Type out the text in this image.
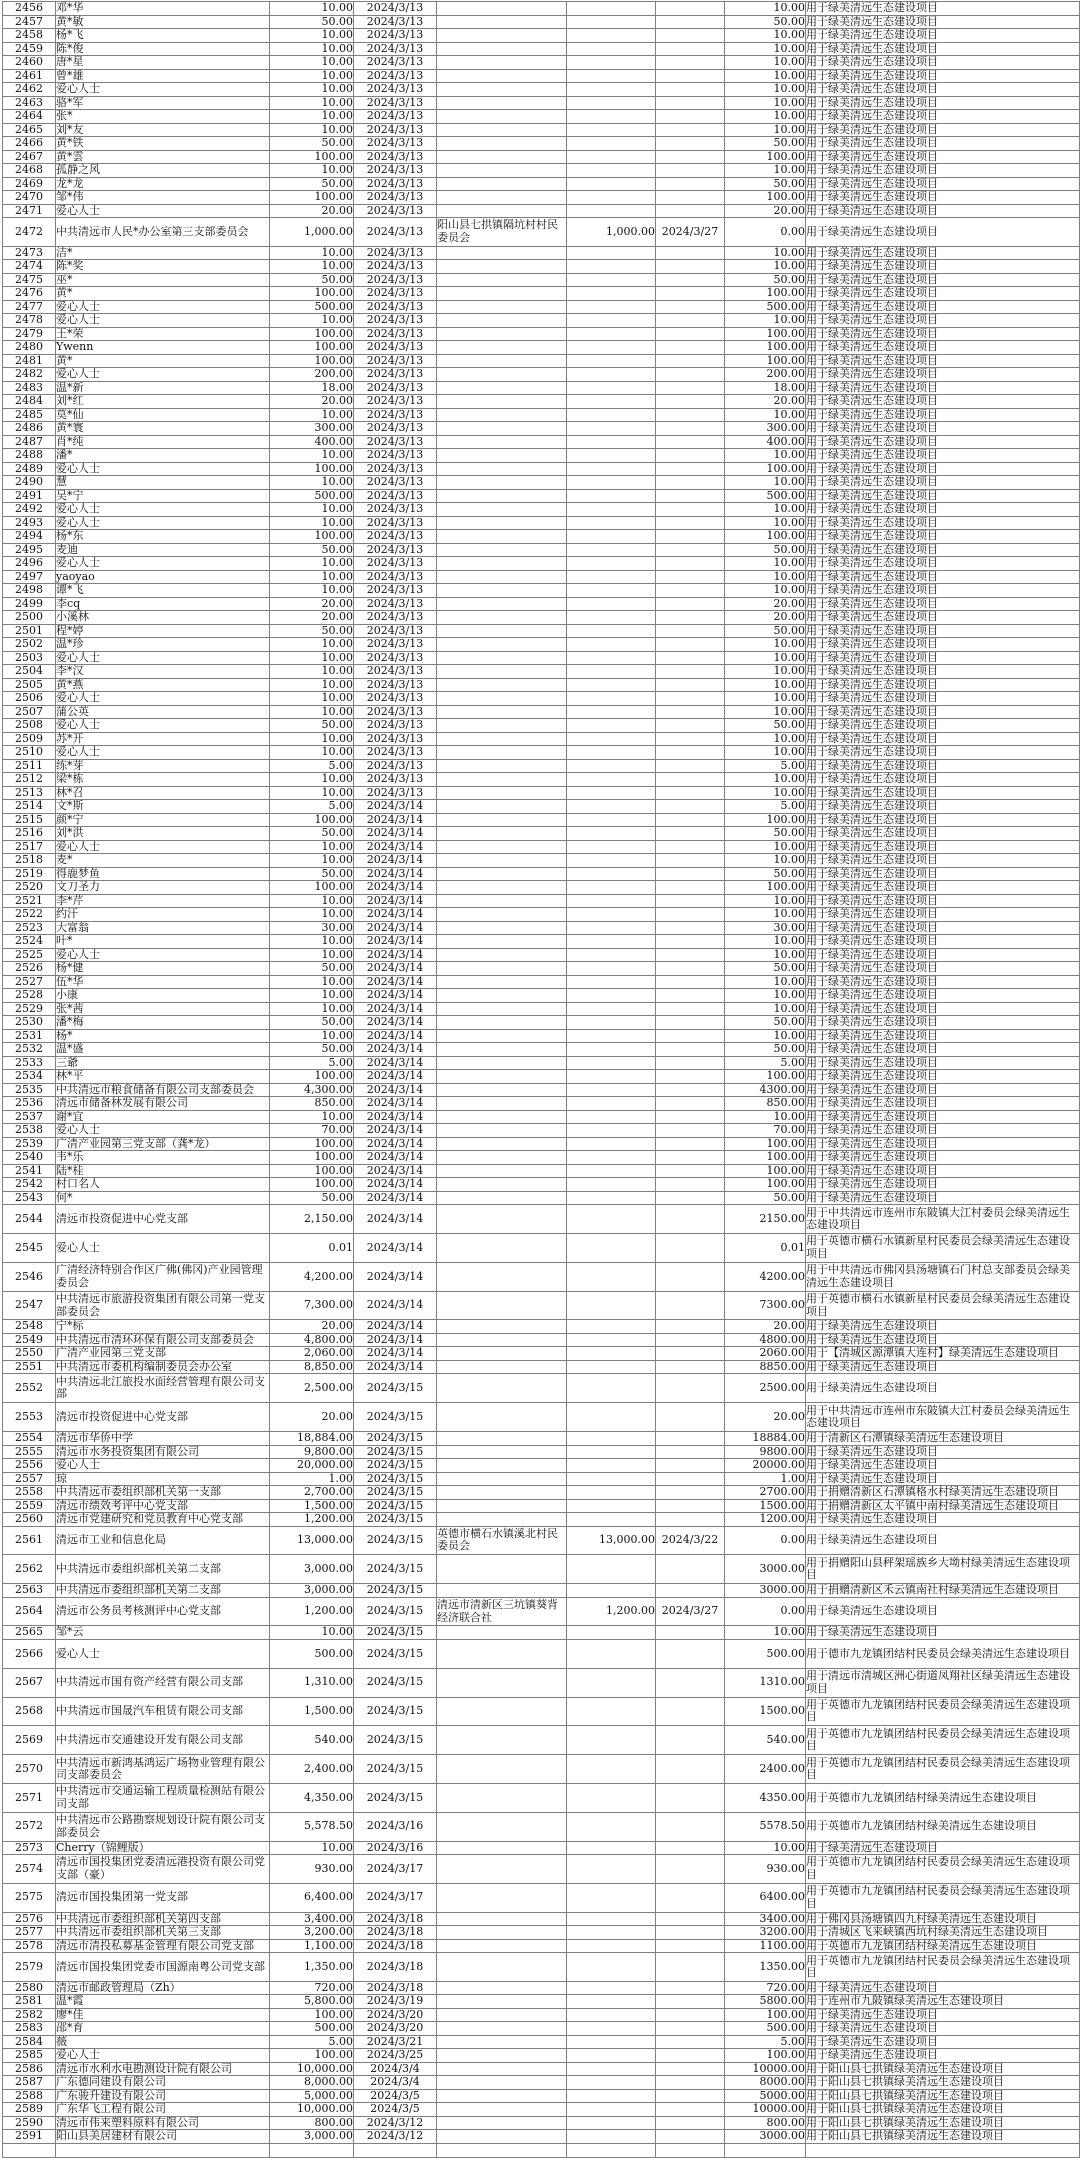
2456	邓*华	10.00	2024/3/13				10.00	用于绿美清远生态建设项目
2457	黄*敏	50.00	2024/3/13				50.00	用于绿美清远生态建设项目
2458	杨*飞	10.00	2024/3/13				10.00	用于绿美清远生态建设项目
2459	陈*俊	10.00	2024/3/13				10.00	用于绿美清远生态建设项目
2460	唐*星	10.00	2024/3/13				10.00	用于绿美清远生态建设项目
2461	曾*雄	10.00	2024/3/13				10.00	用于绿美清远生态建设项目
2462	爱心人士	10.00	2024/3/13				10.00	用于绿美清远生态建设项目
2463	骆*军	10.00	2024/3/13				10.00	用于绿美清远生态建设项目
2464	张*	10.00	2024/3/13				10.00	用于绿美清远生态建设项目
2465	刘*友	10.00	2024/3/13				10.00	用于绿美清远生态建设项目
2466	黄*铁	50.00	2024/3/13				50.00	用于绿美清远生态建设项目
2467	黄*雲	100.00	2024/3/13				100.00	用于绿美清远生态建设项目
2468	孤静之风	10.00	2024/3/13				10.00	用于绿美清远生态建设项目
2469	龙*龙	50.00	2024/3/13				50.00	用于绿美清远生态建设项目
2470	邹*伟	100.00	2024/3/13				100.00	用于绿美清远生态建设项目
2471	爱心人士	20.00	2024/3/13				20.00	用于绿美清远生态建设项目
2472	中共清远市人民*办公室第三支部委员会	1,000.00	2024/3/13	阳山县七拱镇隔坑村村民委员会	1,000.00	2024/3/27	0.00	用于绿美清远生态建设项目
2473	洁*	10.00	2024/3/13				10.00	用于绿美清远生态建设项目
2474	陈*奖	10.00	2024/3/13				10.00	用于绿美清远生态建设项目
2475	巫*	50.00	2024/3/13				50.00	用于绿美清远生态建设项目
2476	黄*	100.00	2024/3/13				100.00	用于绿美清远生态建设项目
2477	爱心人士	500.00	2024/3/13				500.00	用于绿美清远生态建设项目
2478	爱心人士	10.00	2024/3/13				10.00	用于绿美清远生态建设项目
2479	王*荣	100.00	2024/3/13				100.00	用于绿美清远生态建设项目
2480	Ywenn	100.00	2024/3/13				100.00	用于绿美清远生态建设项目
2481	黄*	100.00	2024/3/13				100.00	用于绿美清远生态建设项目
2482	爱心人士	200.00	2024/3/13				200.00	用于绿美清远生态建设项目
2483	温*新	18.00	2024/3/13				18.00	用于绿美清远生态建设项目
2484	刘*红	20.00	2024/3/13				20.00	用于绿美清远生态建设项目
2485	莫*仙	10.00	2024/3/13				10.00	用于绿美清远生态建设项目
2486	黄*寰	300.00	2024/3/13				300.00	用于绿美清远生态建设项目
2487	肖*纯	400.00	2024/3/13				400.00	用于绿美清远生态建设项目
2488	潘*	10.00	2024/3/13				10.00	用于绿美清远生态建设项目
2489	爱心人士	100.00	2024/3/13				100.00	用于绿美清远生态建设项目
2490	慧	10.00	2024/3/13				10.00	用于绿美清远生态建设项目
2491	吴*宁	500.00	2024/3/13				500.00	用于绿美清远生态建设项目
2492	爱心人士	10.00	2024/3/13				10.00	用于绿美清远生态建设项目
2493	爱心人士	10.00	2024/3/13				10.00	用于绿美清远生态建设项目
2494	杨*东	100.00	2024/3/13				100.00	用于绿美清远生态建设项目
2495	麦迪	50.00	2024/3/13				50.00	用于绿美清远生态建设项目
2496	爱心人士	10.00	2024/3/13				10.00	用于绿美清远生态建设项目
2497	yaoyao	10.00	2024/3/13				10.00	用于绿美清远生态建设项目
2498	谭*飞	10.00	2024/3/13				10.00	用于绿美清远生态建设项目
2499	李cq	20.00	2024/3/13				20.00	用于绿美清远生态建设项目
2500	小溪林	20.00	2024/3/13				20.00	用于绿美清远生态建设项目
2501	程*婷	50.00	2024/3/13				50.00	用于绿美清远生态建设项目
2502	温*珍	10.00	2024/3/13				10.00	用于绿美清远生态建设项目
2503	爱心人士	10.00	2024/3/13				10.00	用于绿美清远生态建设项目
2504	李*汉	10.00	2024/3/13				10.00	用于绿美清远生态建设项目
2505	黄*燕	10.00	2024/3/13				10.00	用于绿美清远生态建设项目
2506	爱心人士	10.00	2024/3/13				10.00	用于绿美清远生态建设项目
2507	蒲公英	10.00	2024/3/13				10.00	用于绿美清远生态建设项目
2508	爱心人士	50.00	2024/3/13				50.00	用于绿美清远生态建设项目
2509	苏*开	10.00	2024/3/13				10.00	用于绿美清远生态建设项目
2510	爱心人士	10.00	2024/3/13				10.00	用于绿美清远生态建设项目
2511	练*芽	5.00	2024/3/13				5.00	用于绿美清远生态建设项目
2512	梁*栋	10.00	2024/3/13				10.00	用于绿美清远生态建设项目
2513	林*召	10.00	2024/3/13				10.00	用于绿美清远生态建设项目
2514	文*斯	5.00	2024/3/14				5.00	用于绿美清远生态建设项目
2515	颜*宁	100.00	2024/3/14				100.00	用于绿美清远生态建设项目
2516	刘*洪	50.00	2024/3/14				50.00	用于绿美清远生态建设项目
2517	爱心人士	10.00	2024/3/14				10.00	用于绿美清远生态建设项目
2518	麦*	10.00	2024/3/14				10.00	用于绿美清远生态建设项目
2519	得鹿梦鱼	50.00	2024/3/14				50.00	用于绿美清远生态建设项目
2520	文刀圣力	100.00	2024/3/14				100.00	用于绿美清远生态建设项目
2521	李*芹	10.00	2024/3/14				10.00	用于绿美清远生态建设项目
2522	约汗	10.00	2024/3/14				10.00	用于绿美清远生态建设项目
2523	大富翁	30.00	2024/3/14				30.00	用于绿美清远生态建设项目
2524	叶*	10.00	2024/3/14				10.00	用于绿美清远生态建设项目
2525	爱心人士	10.00	2024/3/14				10.00	用于绿美清远生态建设项目
2526	杨*健	50.00	2024/3/14				50.00	用于绿美清远生态建设项目
2527	伍*华	10.00	2024/3/14				10.00	用于绿美清远生态建设项目
2528	小康	10.00	2024/3/14				10.00	用于绿美清远生态建设项目
2529	张*茜	10.00	2024/3/14				10.00	用于绿美清远生态建设项目
2530	潘*梅	50.00	2024/3/14				50.00	用于绿美清远生态建设项目
2531	杨*	10.00	2024/3/14				10.00	用于绿美清远生态建设项目
2532	温*盛	50.00	2024/3/14				50.00	用于绿美清远生态建设项目
2533	三爺	5.00	2024/3/14				5.00	用于绿美清远生态建设项目
2534	林*平	100.00	2024/3/14				100.00	用于绿美清远生态建设项目
2535	中共清远市粮食储备有限公司支部委员会	4,300.00	2024/3/14				4300.00	用于绿美清远生态建设项目
2536	清远市储备林发展有限公司	850.00	2024/3/14				850.00	用于绿美清远生态建设项目
2537	谢*宜	10.00	2024/3/14				10.00	用于绿美清远生态建设项目
2538	爱心人士	70.00	2024/3/14				70.00	用于绿美清远生态建设项目
2539	广清产业园第三党支部（龚*龙）	100.00	2024/3/14				100.00	用于绿美清远生态建设项目
2540	韦*乐	100.00	2024/3/14				100.00	用于绿美清远生态建设项目
2541	陆*桂	100.00	2024/3/14				100.00	用于绿美清远生态建设项目
2542	村口名人	100.00	2024/3/14				100.00	用于绿美清远生态建设项目
2543	何*	50.00	2024/3/14				50.00	用于绿美清远生态建设项目
2544	清远市投资促进中心党支部	2,150.00	2024/3/14				2150.00	用于中共清远市连州市东陂镇大江村委员会绿美清远生态建设项目
2545	爱心人士	0.01	2024/3/14				0.01	用于英德市横石水镇新星村民委员会绿美清远生态建设项目
2546	广清经济特别合作区广佛(佛冈)产业园管理委员会	4,200.00	2024/3/14				4200.00	用于中共清远市佛冈县汤塘镇石门村总支部委员会绿美清远生态建设项目
2547	中共清远市旅游投资集团有限公司第一党支部委员会	7,300.00	2024/3/14				7300.00	用于英德市横石水镇新星村民委员会绿美清远生态建设项目
2548	宁*标	20.00	2024/3/14				20.00	用于绿美清远生态建设项目
2549	中共清远市清环环保有限公司支部委员会	4,800.00	2024/3/14				4800.00	用于绿美清远生态建设项目
2550	广清产业园第三党支部	2,060.00	2024/3/14				2060.00	用于【清城区源潭镇大连村】绿美清远生态建设项目
2551	中共清远市委机构编制委员会办公室	8,850.00	2024/3/14				8850.00	用于绿美清远生态建设项目
2552	中共清远北江旅投水面经营管理有限公司支部	2,500.00	2024/3/15				2500.00	用于绿美清远生态建设项目
2553	清远市投资促进中心党支部	20.00	2024/3/15				20.00	用于中共清远市连州市东陂镇大江村委员会绿美清远生态建设项目
2554	清远市华侨中学	18,884.00	2024/3/15				18884.00	用于清新区石潭镇绿美清远生态建设项目
2555	清远市水务投资集团有限公司	9,800.00	2024/3/15				9800.00	用于绿美清远生态建设项目
2556	爱心人士	20,000.00	2024/3/15				20000.00	用于绿美清远生态建设项目
2557	琼	1.00	2024/3/15				1.00	用于绿美清远生态建设项目
2558	中共清远市委组织部机关第一支部	2,700.00	2024/3/15				2700.00	用于捐赠清新区石潭镇格水村绿美清远生态建设项目
2559	清远市绩效考评中心党支部	1,500.00	2024/3/15				1500.00	用于捐赠清新区太平镇中南村绿美清远生态建设项目
2560	清远市党建研究和党员教育中心党支部	1,200.00	2024/3/15				1200.00	用于绿美清远生态建设项目
2561	清远市工业和信息化局	13,000.00	2024/3/15	英德市横石水镇溪北村民委员会	13,000.00	2024/3/22	0.00	用于绿美清远生态建设项目
2562	中共清远市委组织部机关第二支部	3,000.00	2024/3/15				3000.00	用于捐赠阳山县秤架瑶族乡大坳村绿美清远生态建设项目
2563	中共清远市委组织部机关第二支部	3,000.00	2024/3/15				3000.00	用于捐赠清新区禾云镇南社村绿美清远生态建设项目
2564	清远市公务员考核测评中心党支部	1,200.00	2024/3/15	清远市清新区三坑镇葵背经济联合社	1,200.00	2024/3/27	0.00	用于绿美清远生态建设项目
2565	邹*云	10.00	2024/3/15				10.00	用于绿美清远生态建设项目
2566	爱心人士	500.00	2024/3/15				500.00	用于德市九龙镇团结村民委员会绿美清远生态建设项目
2567	中共清远市国有资产经营有限公司支部	1,310.00	2024/3/15				1310.00	用于清远市清城区洲心街道凤翔社区绿美清远生态建设项目
2568	中共清远市国晟汽车租赁有限公司支部	1,500.00	2024/3/15				1500.00	用于英德市九龙镇团结村民委员会绿美清远生态建设项目
2569	中共清远市交通建设开发有限公司支部	540.00	2024/3/15				540.00	用于英德市九龙镇团结村民委员会绿美清远生态建设项目
2570	中共清远市新鸿基鸿运广场物业管理有限公司支部委员会	2,400.00	2024/3/15				2400.00	用于英德市九龙镇团结村民委员会绿美清远生态建设项目
2571	中共清远市交通运输工程质量检测站有限公司支部	4,350.00	2024/3/15				4350.00	用于英德市九龙镇团结村绿美清远生态建设项目
2572	中共清远市公路勘察规划设计院有限公司支部委员会	5,578.50	2024/3/16				5578.50	用于英德市九龙镇团结村绿美清远生态建设项目
2573	Cherry（锦鲤版）	10.00	2024/3/16				10.00	用于绿美清远生态建设项目
2574	清远市国投集团党委清远港投资有限公司党支部（豪）	930.00	2024/3/17				930.00	用于英德市九龙镇团结村民委员会绿美清远生态建设项目
2575	清远市国投集团第一党支部	6,400.00	2024/3/17				6400.00	用于英德市九龙镇团结村民委员会绿美清远生态建设项目
2576	中共清远市委组织部机关第四支部	3,400.00	2024/3/18				3400.00	用于佛冈县汤塘镇四九村绿美清远生态建设项目
2577	中共清远市委组织部机关第三支部	3,200.00	2024/3/18				3200.00	用于清城区飞来峡镇西坑村绿美清远生态建设项目
2578	清远市清投私募基金管理有限公司党支部	1,100.00	2024/3/18				1100.00	用于英德市九龙镇团结村绿美清远生态建设项目
2579	清远市国投集团党委市国源南粤公司党支部	1,350.00	2024/3/18				1350.00	用于英德市九龙镇团结村民委员会绿美清远生态建设项目
2580	清远市邮政管理局（Zh）	720.00	2024/3/18				720.00	用于绿美清远生态建设项目
2581	温*霞	5,800.00	2024/3/19				5800.00	用于连州市九陂镇绿美清远生态建设项目
2582	廖*佳	100.00	2024/3/20				100.00	用于绿美清远生态建设项目
2583	邵*育	500.00	2024/3/20				500.00	用于绿美清远生态建设项目
2584	薇	5.00	2024/3/21				5.00	用于绿美清远生态建设项目
2585	爱心人士	100.00	2024/3/25				100.00	用于绿美清远生态建设项目
2586	清远市水利水电勘测设计院有限公司	10,000.00	2024/3/4				10000.00	用于阳山县七拱镇绿美清远生态建设项目
2587	广东德同建设有限公司	8,000.00	2024/3/4				8000.00	用于阳山县七拱镇绿美清远生态建设项目
2588	广东骏升建设有限公司	5,000.00	2024/3/5				5000.00	用于阳山县七拱镇绿美清远生态建设项目
2589	广东华飞工程有限公司	10,000.00	2024/3/5				10000.00	用于阳山县七拱镇绿美清远生态建设项目
2590	清远市伟来塑料原料有限公司	800.00	2024/3/12				800.00	用于阳山县七拱镇绿美清远生态建设项目
2591	阳山县美居建材有限公司	3,000.00	2024/3/12				3000.00	用于阳山县七拱镇绿美清远生态建设项目
